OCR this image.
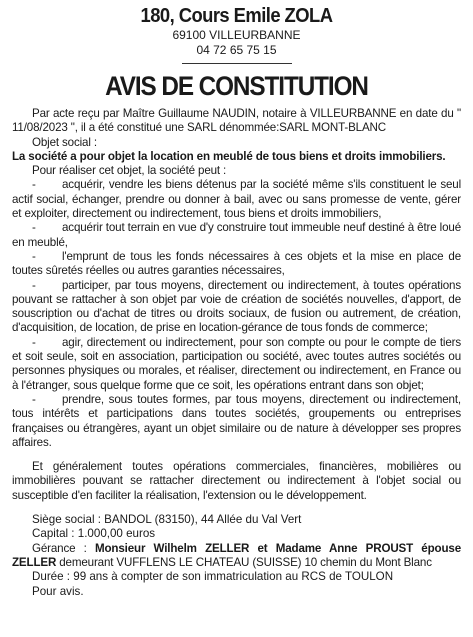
180, Cours Emile ZOLA
69100 VILLEURBANNE
04 72 65 75 15
AVIS DE CONSTITUTION

Par acte reçu par Maître Guillaume NAUDIN, notaire à VILLEURBANNE en date du " 11/08/2023 ", il a été constitué une SARL dénommée:SARL MONT-BLANC

Objet social :

La société a pour objet la location en meublé de tous biens et droits immobiliers.

Pour réaliser cet objet, la société peut :

- acquérir, vendre les biens détenus par la société même s'ils constituent le seul actif social, échanger, prendre ou donner à bail, avec ou sans promesse de vente, gérer et exploiter, directement ou indirectement, tous biens et droits immobiliers,

- acquérir tout terrain en vue d'y construire tout immeuble neuf destiné à être loué en meublé,

- l'emprunt de tous les fonds nécessaires à ces objets et la mise en place de toutes sûretés réelles ou autres garanties nécessaires,

- participer, par tous moyens, directement ou indirectement, à toutes opérations pouvant se rattacher à son objet par voie de création de sociétés nouvelles, d'apport, de souscription ou d'achat de titres ou droits sociaux, de fusion ou autrement, de création, d'acquisition, de location, de prise en location-gérance de tous fonds de commerce;

- agir, directement ou indirectement, pour son compte ou pour le compte de tiers et soit seule, soit en association, participation ou société, avec toutes autres sociétés ou personnes physiques ou morales, et réaliser, directement ou indirectement, en France ou à l'étranger, sous quelque forme que ce soit, les opérations entrant dans son objet;

- prendre, sous toutes formes, par tous moyens, directement ou indirectement, tous intérêts et participations dans toutes sociétés, groupements ou entreprises françaises ou étrangères, ayant un objet similaire ou de nature à développer ses propres affaires.

Et généralement toutes opérations commerciales, financières, mobilières ou immobilières pouvant se rattacher directement ou indirectement à l'objet social ou susceptible d'en faciliter la réalisation, l'extension ou le développement.

Siège social : BANDOL (83150), 44 Allée du Val Vert

Capital : 1.000,00 euros

Gérance : Monsieur Wilhelm ZELLER et Madame Anne PROUST épouse ZELLER demeurant VUFFLENS LE CHATEAU (SUISSE) 10 chemin du Mont Blanc

Durée : 99 ans à compter de son immatriculation au RCS de TOULON

Pour avis.
